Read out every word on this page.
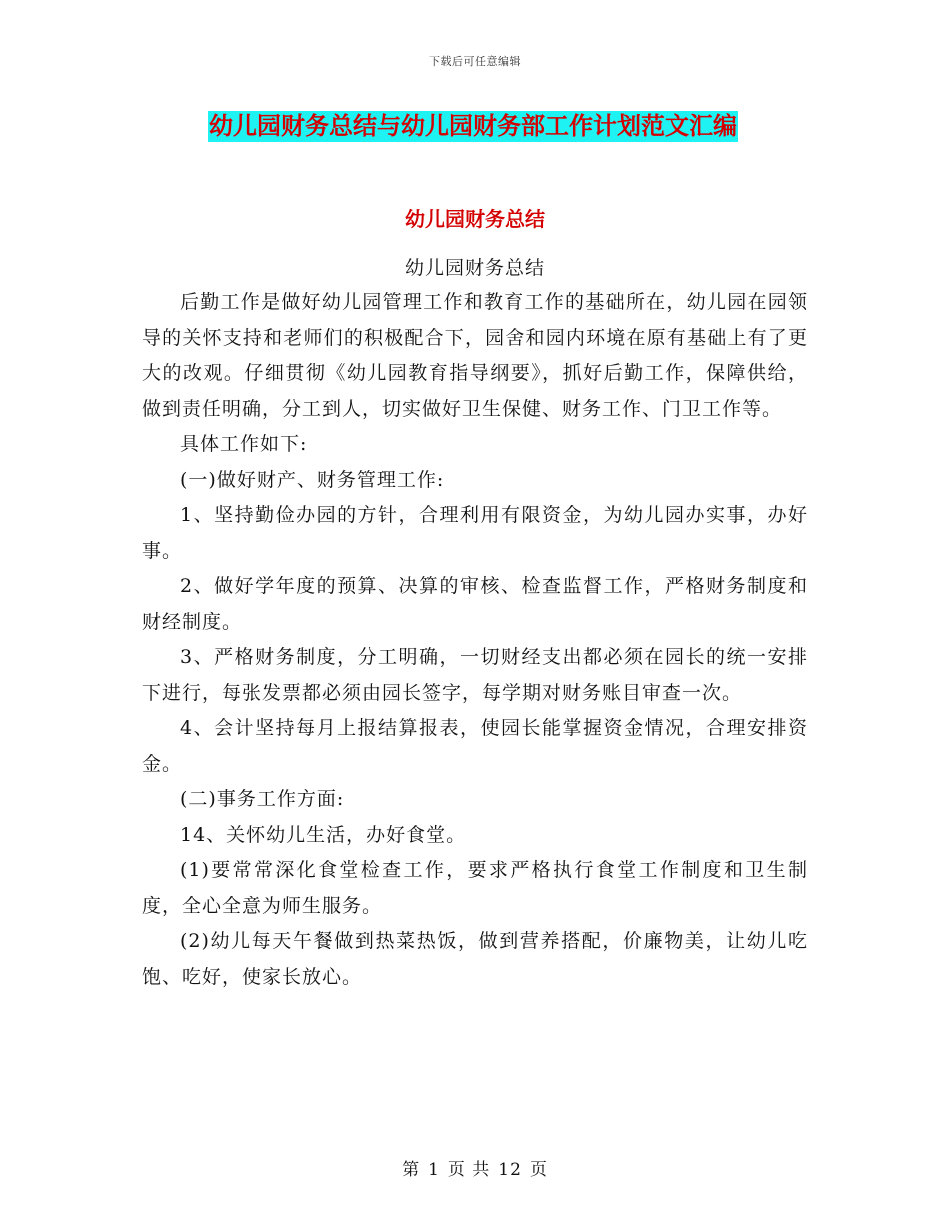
下载后可任意编辑
幼儿园财务总结与幼儿园财务部工作计划范文汇编
幼儿园财务总结
幼儿园财务总结

后勤工作是做好幼儿园管理工作和教育工作的基础所在，幼儿园在园领导的关怀支持和老师们的积极配合下，园舍和园内环境在原有基础上有了更大的改观。仔细贯彻《幼儿园教育指导纲要》，抓好后勤工作，保障供给，做到责任明确，分工到人，切实做好卫生保健、财务工作、门卫工作等。

具体工作如下:

(一)做好财产、财务管理工作:

1、坚持勤俭办园的方针，合理利用有限资金，为幼儿园办实事，办好事。

2、做好学年度的预算、决算的审核、检查监督工作，严格财务制度和财经制度。

3、严格财务制度，分工明确，一切财经支出都必须在园长的统一安排下进行，每张发票都必须由园长签字，每学期对财务账目审查一次。

4、会计坚持每月上报结算报表，使园长能掌握资金情况，合理安排资金。

(二)事务工作方面:

14、关怀幼儿生活，办好食堂。

(1)要常常深化食堂检查工作，要求严格执行食堂工作制度和卫生制度，全心全意为师生服务。

(2)幼儿每天午餐做到热菜热饭，做到营养搭配，价廉物美，让幼儿吃饱、吃好，使家长放心。

第 1 页 共 12 页
